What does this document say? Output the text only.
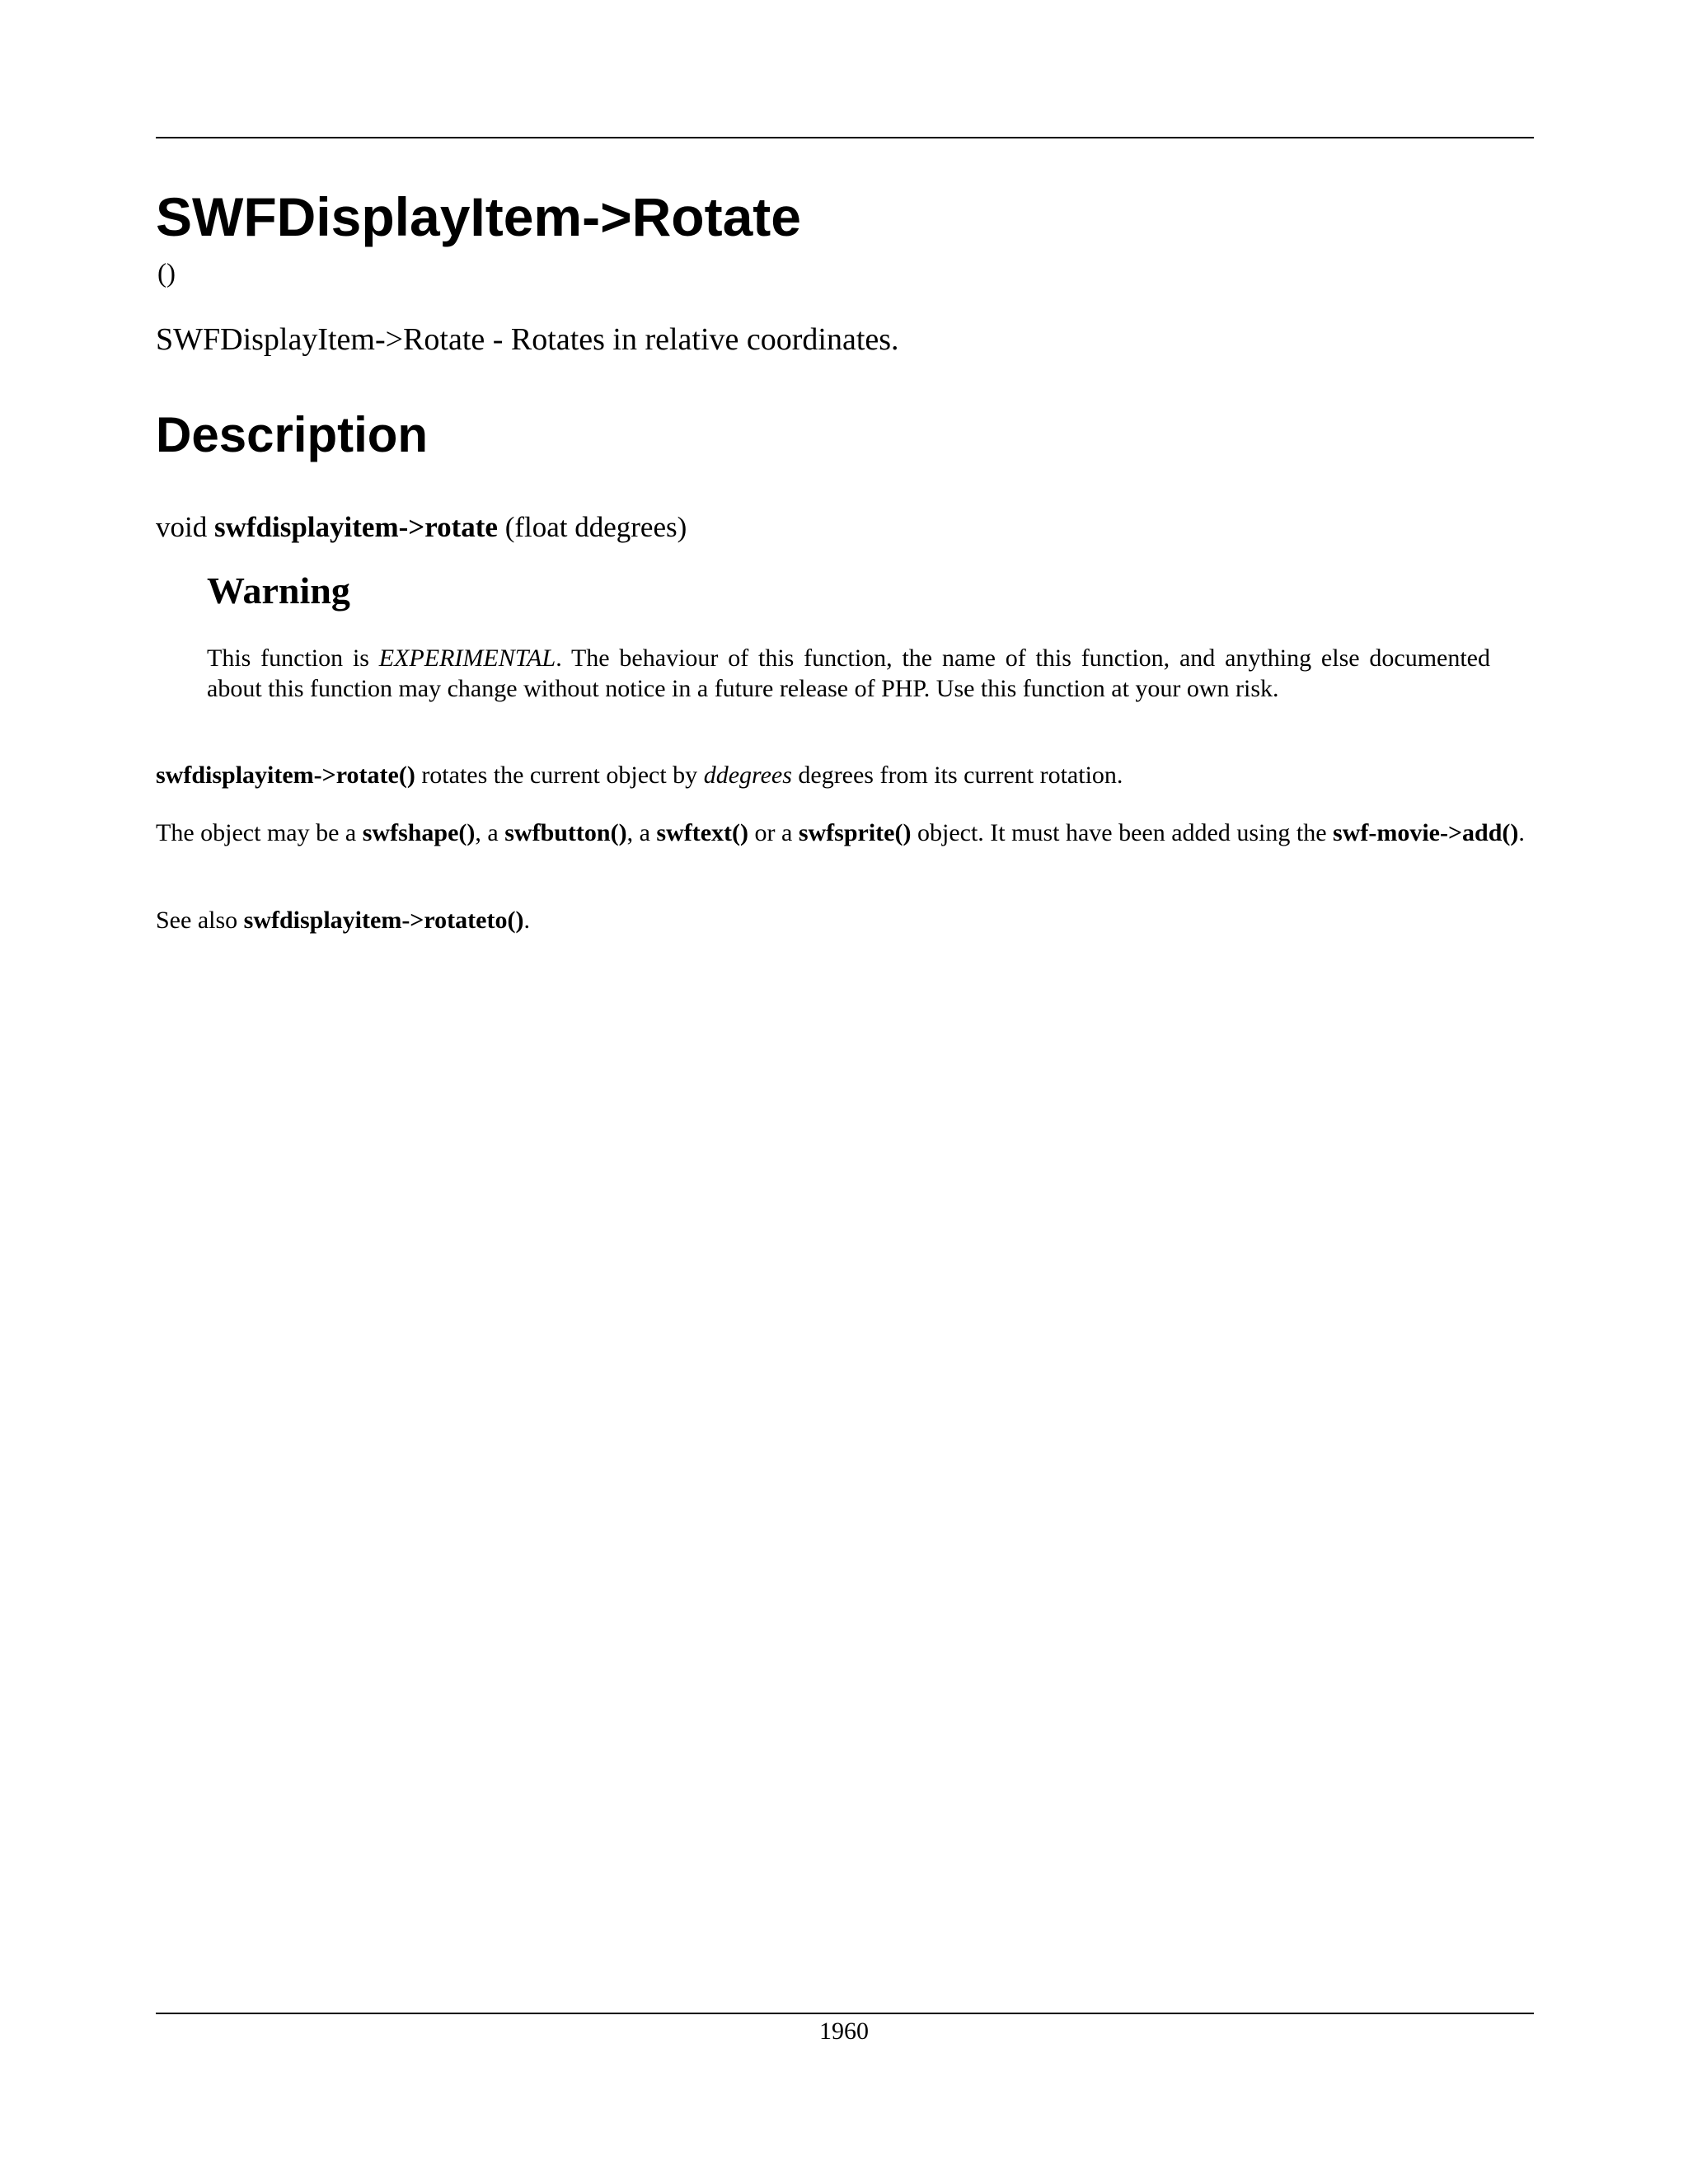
SWFDisplayItem->Rotate
()
SWFDisplayItem->Rotate - Rotates in relative coordinates.
Description
void swfdisplayitem->rotate (float ddegrees)
Warning

This function is EXPERIMENTAL. The behaviour of this function, the name of this function, and anything else documented about this function may change without notice in a future release of PHP. Use this function at your own risk.

swfdisplayitem->rotate() rotates the current object by ddegrees degrees from its current rotation.

The object may be a swfshape(), a swfbutton(), a swftext() or a swfsprite() object. It must have been added using the swf-movie->add().

See also swfdisplayitem->rotateto().

1960
